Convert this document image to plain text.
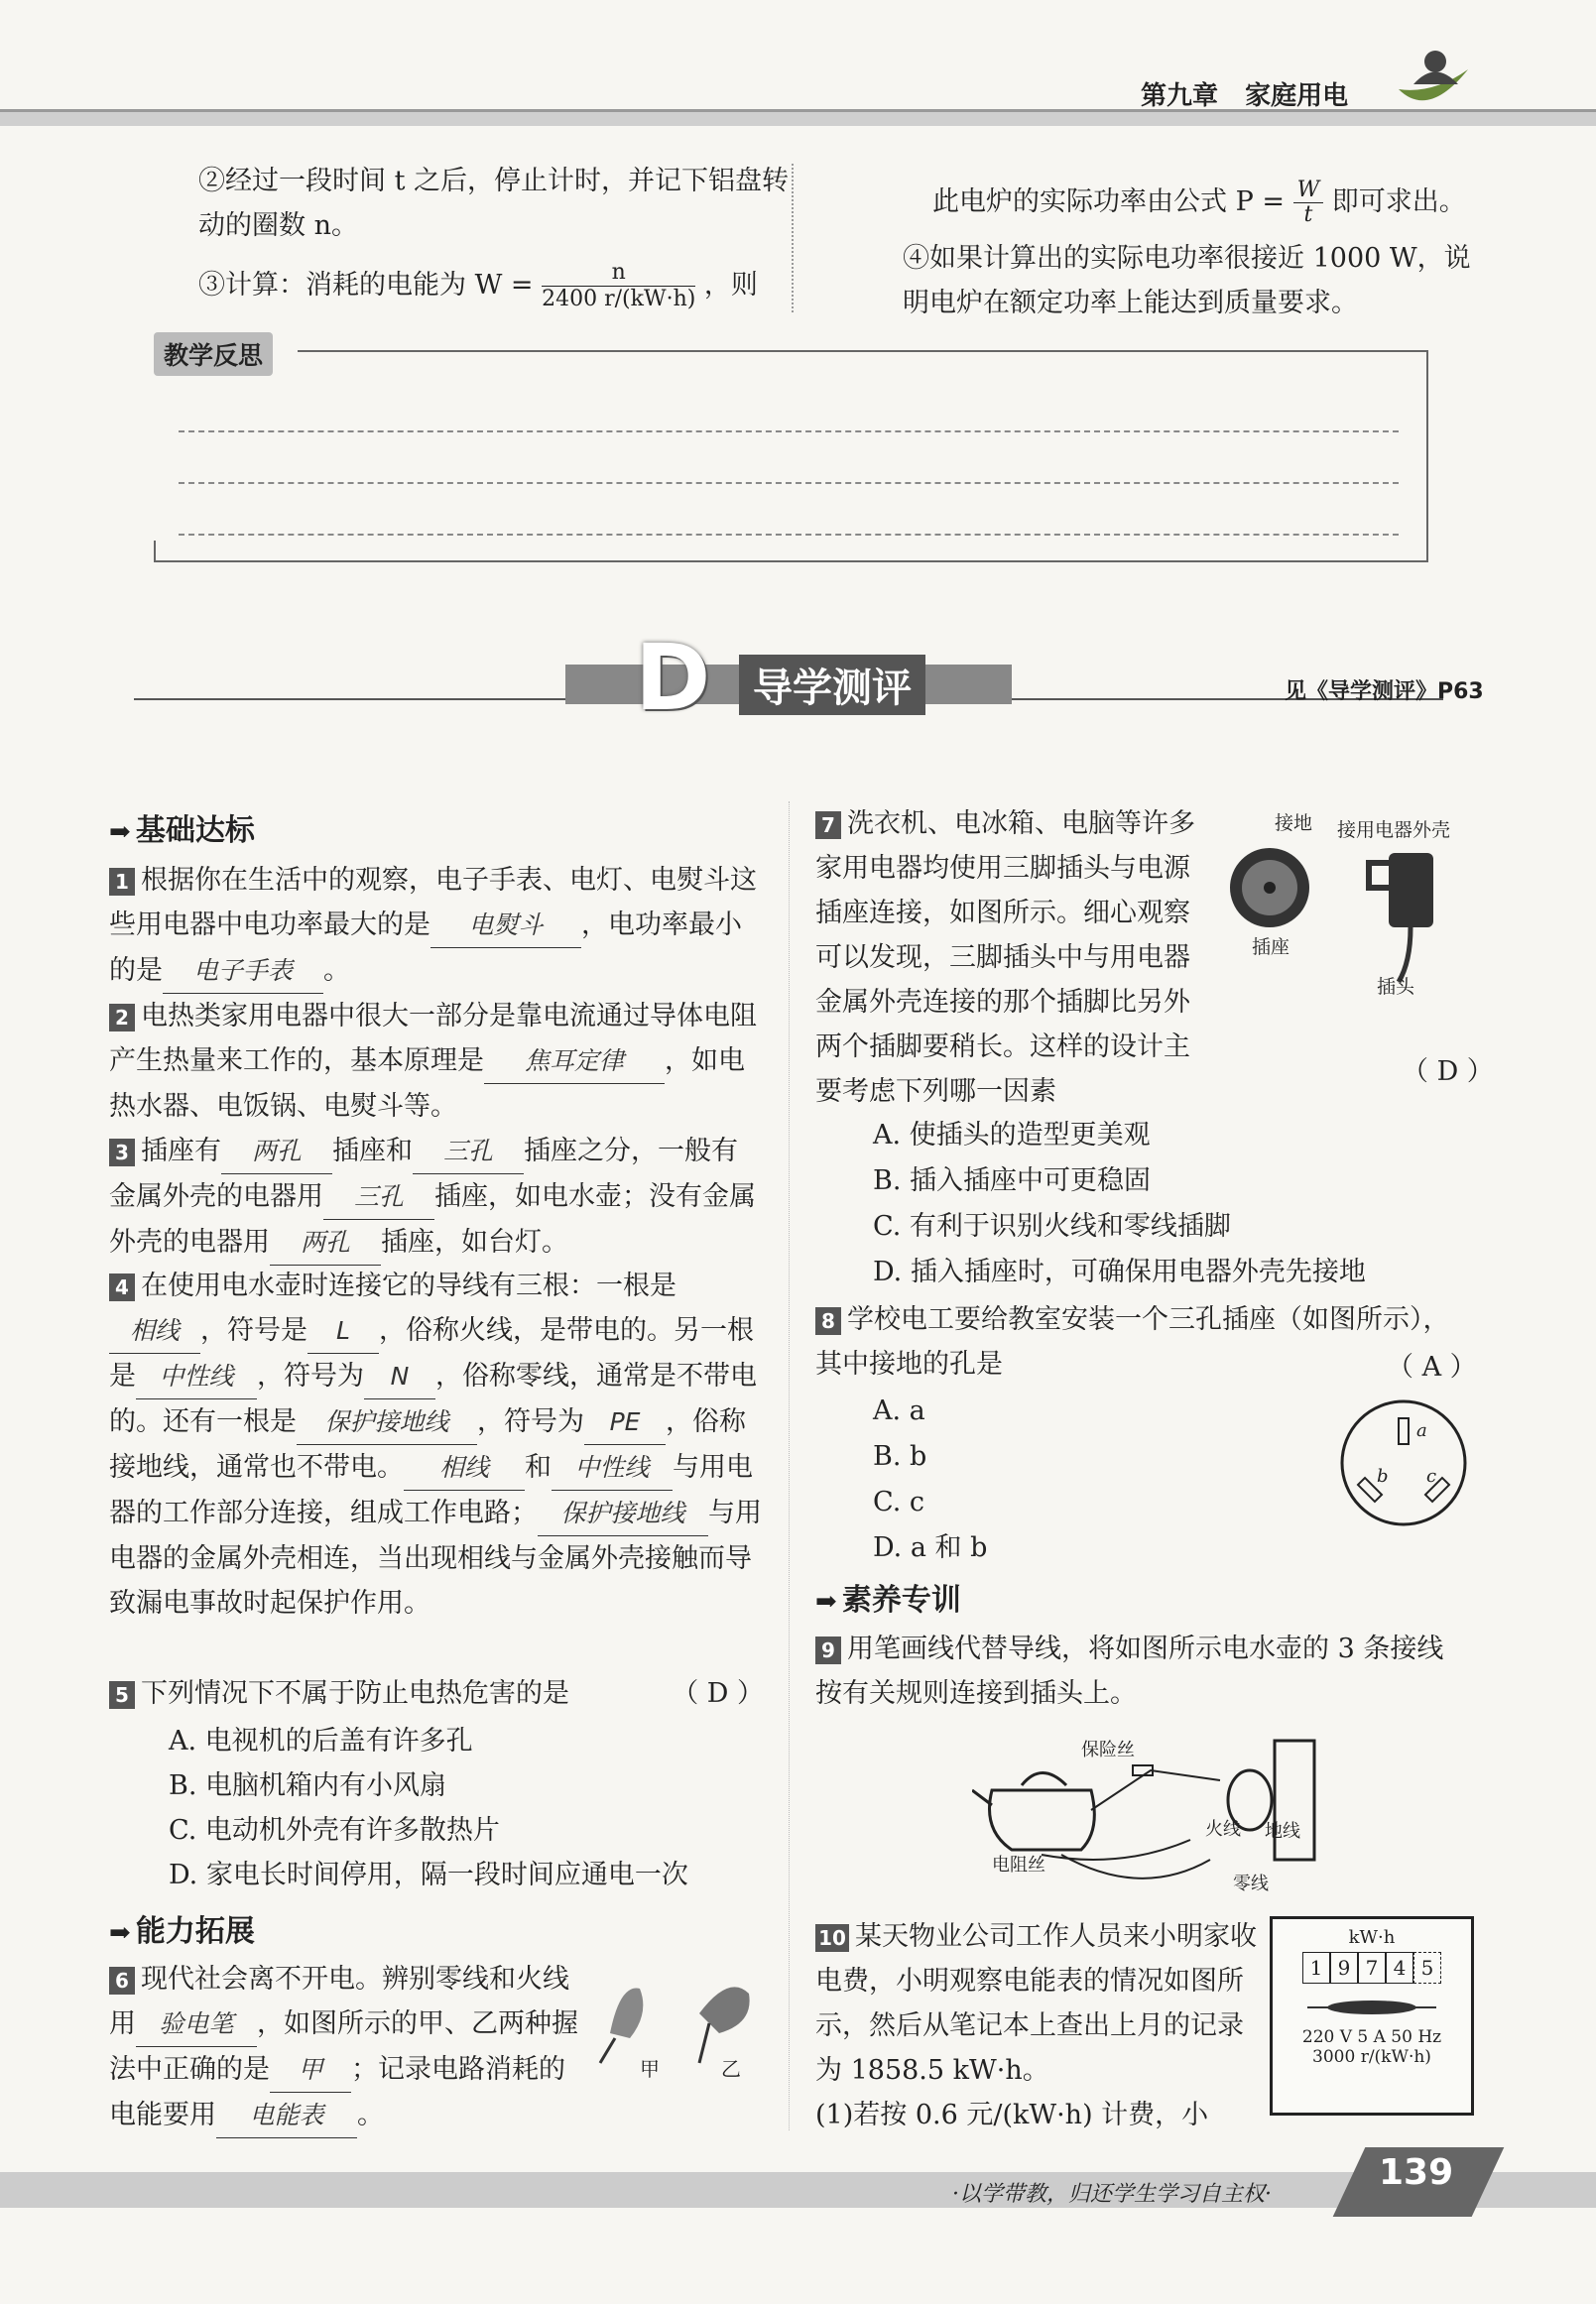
第九章 家庭用电
②经过一段时间 t 之后，停止计时，并记下铝盘转动的圈数 n。
③计算：消耗的电能为 $W = \frac{n}{2400 r/(kW\cdot h)}$ ，则
此电炉的实际功率由公式 $P = \frac{W}{t}$ 即可求出。
④如果计算出的实际电功率很接近 1000 W，说明电炉在额定功率上能达到质量要求。
教学反思
D	导学测评	见《导学测评》P63
➡ 基础达标
1 根据你在生活中的观察，电子手表、电灯、电熨斗这些用电器中电功率最大的是 电熨斗 ，电功率最小的是 电子手表 。
2 电热类家用电器中很大一部分是靠电流通过导体电阻产生热量来工作的，基本原理是 焦耳定律 ，如电热水器、电饭锅、电熨斗等。
3 插座有 两孔 插座和 三孔 插座之分，一般有金属外壳的电器用 三孔 插座，如电水壶；没有金属外壳的电器用 两孔 插座，如台灯。
4 在使用电水壶时连接它的导线有三根：一根是相线 ，符号是 L ，俗称火线，是带电的。另一根是 中性线 ，符号为 N ，俗称零线，通常是不带电的。还有一根是 保护接地线 ，符号为 PE ，俗称接地线，通常也不带电。 相线 和 中性线 与用电器的工作部分连接，组成工作电路； 保护接地线 与用电器的金属外壳相连，当出现相线与金属外壳接触而导致漏电事故时起保护作用。
5 下列情况下不属于防止电热危害的是	（ D ）
A. 电视机的后盖有许多孔
B. 电脑机箱内有小风扇
C. 电动机外壳有许多散热片
D. 家电长时间停用，隔一段时间应通电一次
➡ 能力拓展
6 现代社会离不开电。辨别零线和火线用 验电笔 ，如图所示的甲、乙两种握法中正确的是 甲 ；记录电路消耗的电能要用 电能表 。
甲	乙
7 洗衣机、电冰箱、电脑等许多家用电器均使用三脚插头与电源插座连接，如图所示。细心观察可以发现，三脚插头中与用电器金属外壳连接的那个插脚比另外两个插脚要稍长。这样的设计主要考虑下列哪一因素
（ D ）
接地 接用电器外壳
插座
插头
A. 使插头的造型更美观
B. 插入插座中可更稳固
C. 有利于识别火线和零线插脚
D. 插入插座时，可确保用电器外壳先接地
8 学校电工要给教室安装一个三孔插座（如图所示），其中接地的孔是	（ A ）
A. a
B. b
C. c
D. a 和 b
a
b c
➡ 素养专训
9 用笔画线代替导线，将如图所示电水壶的 3 条接线按有关规则连接到插头上。
保险丝
电阻丝
火线 地线
零线
10 某天物业公司工作人员来小明家收电费，小明观察电能表的情况如图所示，然后从笔记本上查出上月的记录为 1858.5 kW·h。
(1)若按 0.6 元/(kW·h) 计费，小
kW·h
1 9 7 4 5
220 V 5 A 50 Hz
3000 r/(kW·h)
·以学带教，归还学生学习自主权·
139
